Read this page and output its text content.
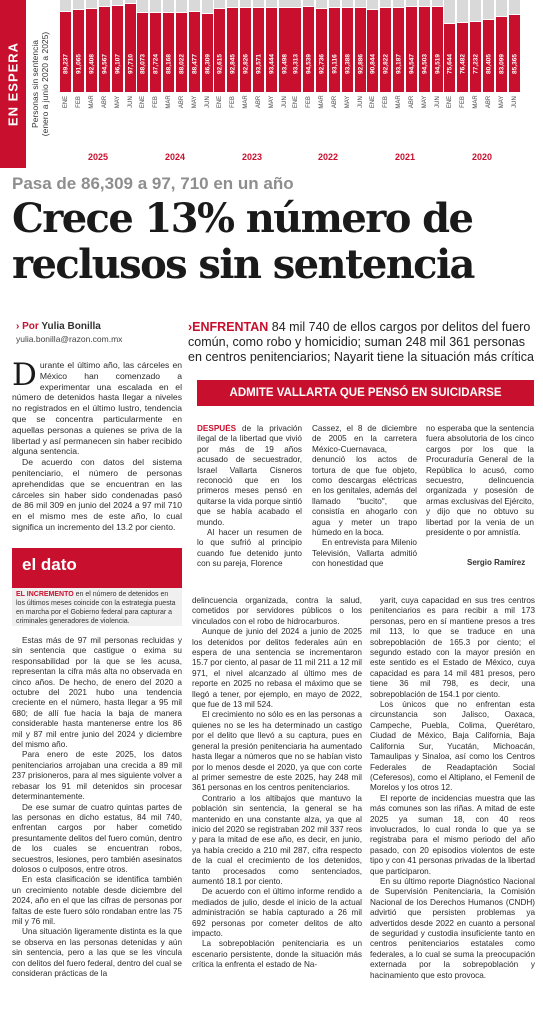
EN ESPERA Personas sin sentencia (enero a junio 2020 a 2025) 89,237
ENE
91,065
FEB
92,408
MAR
94,567
ABR
96,107
MAY
97,710
JUN
2025
88,073
ENE
87,724
FEB
88,168
MAR
88,022
ABR
88,477
MAY
86,309
JUN
2024
92,615
ENE
92,845
FEB
92,826
MAR
93,571
ABR
93,444
MAY
93,498
JUN
2023
93,313
ENE
94,539
FEB
92,736
MAR
93,116
ABR
93,388
MAY
92,886
JUN
2022
90,844
ENE
92,822
FEB
93,187
MAR
94,547
ABR
94,503
MAY
94,519
JUN
2021
75,644
ENE
76,482
FEB
77,232
MAR
80,405
ABR
83,099
MAY
85,365
JUN
2020
Pasa de 86,309 a 97, 710 en un año
Crece 13% número de reclusos sin sentencia
› Por Yulia Bonilla
yulia.bonilla@razon.com.mx
›ENFRENTAN 84 mil 740 de ellos cargos por delitos del fuero común, como robo y homicidio; suman 248 mil 361 personas en centros penitenciarios; Nayarit tiene la situación más crítica
ADMITE VALLARTA QUE PENSÓ EN SUICIDARSE

Durante el último año, las cárceles en México han comenzado a experimentar una escalada en el número de detenidos hasta llegar a niveles no registrados en el último lustro, tendencia que se concentra particularmente en aquellas personas a quienes se priva de la libertad y así permanecen sin haber recibido alguna sentencia.

De acuerdo con datos del sistema penitenciario, el número de personas aprehendidas que se encuentran en las cárceles sin haber sido condenadas pasó de 86 mil 309 en junio del 2024 a 97 mil 710 en el mismo mes de este año, lo cual significa un incremento del 13.2 por ciento.

el dato
EL INCREMENTO en el número de detenidos en los últimos meses coincide con la estrategia puesta en marcha por el Gobierno federal para capturar a criminales generadores de violencia.

DESPUÉS de la privación ilegal de la libertad que vivió por más de 19 años acusado de secuestrador, Israel Vallarta Cisneros reconoció que en los primeros meses pensó en quitarse la vida porque sintió que se había acabado el mundo.

Al hacer un resumen de lo que sufrió al principio cuando fue detenido junto con su pareja, Florence

Cassez, el 8 de diciembre de 2005 en la carretera México-Cuernavaca, denunció los actos de tortura de que fue objeto, como descargas eléctricas en los genitales, además del llamado "bucito", que consistía en ahogarlo con agua y meter un trapo húmedo en la boca.

En entrevista para Milenio Televisión, Vallarta admitió con honestidad que

no esperaba que la sentencia fuera absolutoria de los cinco cargos por los que la Procuraduría General de la República lo acusó, como secuestro, delincuencia organizada y posesión de armas exclusivas del Ejército, y dijo que no obtuvo su libertad por la venia de un presidente o por amnistía.

Sergio Ramírez

Estas más de 97 mil personas recluidas y sin sentencia que castigue o exima su responsabilidad por la que se les acusa, representan la cifra más alta no observada en cinco años. De hecho, de enero del 2020 a octubre del 2021 hubo una tendencia creciente en el número, hasta llegar a 95 mil 680; de allí fue hacia la baja de manera considerable hasta mantenerse entre los 86 mil y 87 mil entre junio del 2024 y diciembre del mismo año.

Para enero de este 2025, los datos penitenciarios arrojaban una crecida a 89 mil 237 prisioneros, para al mes siguiente volver a rebasar los 91 mil detenidos sin procesar determinantemente.

De ese sumar de cuatro quintas partes de las personas en dicho estatus, 84 mil 740, enfrentan cargos por haber cometido presuntamente delitos del fuero común, dentro de los cuales se encuentran robos, secuestros, lesiones, pero también asesinatos dolosos o culposos, entre otros.

En esta clasificación se identifica también un crecimiento notable desde diciembre del 2024, año en el que las cifras de personas por faltas de este fuero sólo rondaban entre las 75 mil y 76 mil.

Una situación ligeramente distinta es la que se observa en las personas detenidas y aún sin sentencia, pero a las que se les vincula con delitos del fuero federal, dentro del cual se consideran prácticas de la

delincuencia organizada, contra la salud, cometidos por servidores públicos o los vinculados con el robo de hidrocarburos.

Aunque de junio del 2024 a junio de 2025 los detenidos por delitos federales aún en espera de una sentencia se incrementaron 15.7 por ciento, al pasar de 11 mil 211 a 12 mil 971, el nivel alcanzado al último mes de reporte en 2025 no rebasa el máximo que se llegó a tener, por ejemplo, en mayo de 2022, que fue de 13 mil 524.

El crecimiento no sólo es en las personas a quienes no se les ha determinado un castigo por el delito que llevó a su captura, pues en general la presión penitenciaria ha aumentado hasta llegar a números que no se habían visto por lo menos desde el 2020, ya que con corte al primer semestre de este 2025, hay 248 mil 361 personas en los centros penitenciarios.

Contrario a los altibajos que mantuvo la población sin sentencia, la general se ha mantenido en una constante alza, ya que al inicio del 2020 se registraban 202 mil 337 reos y para la mitad de ese año, es decir, en junio, ya había crecido a 210 mil 287, cifra respecto de la cual el crecimiento de los detenidos, tanto procesados como sentenciados, aumentó 18.1 por ciento.

De acuerdo con el último informe rendido a mediados de julio, desde el inicio de la actual administración se había capturado a 26 mil 692 personas por cometer delitos de alto impacto.

La sobrepoblación penitenciaria es un escenario persistente, donde la situación más crítica la enfrenta el estado de Na-

yarit, cuya capacidad en sus tres centros penitenciarios es para recibir a mil 173 personas, pero en sí mantiene presos a tres mil 113, lo que se traduce en una sobrepoblación de 165.3 por ciento; el segundo estado con la mayor presión en este sentido es el Estado de México, cuya capacidad es para 14 mil 481 presos, pero tiene 36 mil 798, es decir, una sobrepoblación de 154.1 por ciento.

Los únicos que no enfrentan esta circunstancia son Jalisco, Oaxaca, Campeche, Puebla, Colima, Querétaro, Ciudad de México, Baja California, Baja California Sur, Yucatán, Michoacán, Tamaulipas y Sinaloa, así como los Centros Federales de Readaptación Social (Ceferesos), como el Altiplano, el Femenil de Morelos y los otros 12.

El reporte de incidencias muestra que las más comunes son las riñas. A mitad de este 2025 ya suman 18, con 40 reos involucrados, lo cual ronda lo que ya se registraba para el mismo periodo del año pasado, con 20 episodios violentos de este tipo y con 41 personas privadas de la libertad que participaron.

En su último reporte Diagnóstico Nacional de Supervisión Penitenciaria, la Comisión Nacional de los Derechos Humanos (CNDH) advirtió que persisten problemas ya advertidos desde 2022 en cuanto a personal de seguridad y custodia insuficiente tanto en centros penitenciarios estatales como federales, a lo cual se suma la preocupación externada por la sobrepoblación y hacinamiento que esto provoca.
